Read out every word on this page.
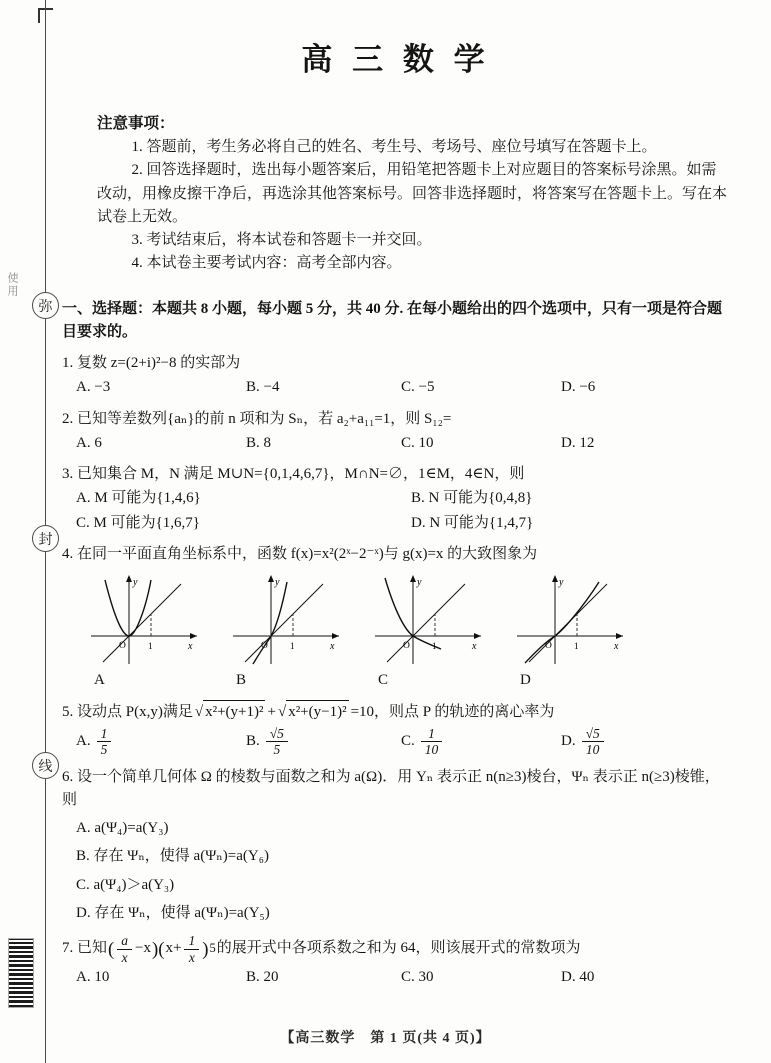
使用
弥
封
线
高 三 数 学

注意事项：

1. 答题前，考生务必将自己的姓名、考生号、考场号、座位号填写在答题卡上。

2. 回答选择题时，选出每小题答案后，用铅笔把答题卡上对应题目的答案标号涂黑。如需改动，用橡皮擦干净后，再选涂其他答案标号。回答非选择题时，将答案写在答题卡上。写在本试卷上无效。

3. 考试结束后，将本试卷和答题卡一并交回。

4. 本试卷主要考试内容：高考全部内容。

一、选择题：本题共 8 小题，每小题 5 分，共 40 分. 在每小题给出的四个选项中，只有一项是符合题目要求的。

1. 复数 z=(2+i)²−8 的实部为

A. −3	B. −4	C. −5	D. −6

2. 已知等差数列{aₙ}的前 n 项和为 Sₙ，若 a₂+a₁₁=1，则 S₁₂=

A. 6	B. 8	C. 10	D. 12

3. 已知集合 M，N 满足 M∪N={0,1,4,6,7}，M∩N=∅，1∈M，4∈N，则

A. M 可能为{1,4,6}	B. N 可能为{0,4,8}
C. M 可能为{1,6,7}	D. N 可能为{1,4,7}

4. 在同一平面直角坐标系中，函数 f(x)=x²(2ˣ−2⁻ˣ)与 g(x)=x 的大致图象为

y
x
O 1

A

y
x
O 1

B

y
x
O 1

C

y
x
O 1

D

5. 设动点 P(x,y)满足 √ x²+(y+1)² + √ x²+(y−1)² =10，则点 P 的轨迹的离心率为

A. $\frac{1}{5}$	B. $\frac{√5}{5}$	C. $\frac{1}{10}$	D. $\frac{√5}{10}$

6. 设一个简单几何体 Ω 的棱数与面数之和为 a(Ω)．用 Υₙ 表示正 n(n≥3)棱台，Ψₙ 表示正 n(≥3)棱锥，则

A. a(Ψ₄)=a(Υ₃)

B. 存在 Ψₙ，使得 a(Ψₙ)=a(Υ₆)

C. a(Ψ₄)＞a(Υ₃)

D. 存在 Ψₙ，使得 a(Ψₙ)=a(Υ₅)

7. 已知 ( $\frac{a}{x} -x$ )( $x+ \frac{1}{x}$ ) 5 的展开式中各项系数之和为 64，则该展开式的常数项为

A. 10	B. 20	C. 30	D. 40

【高三数学　第 1 页(共 4 页)】
